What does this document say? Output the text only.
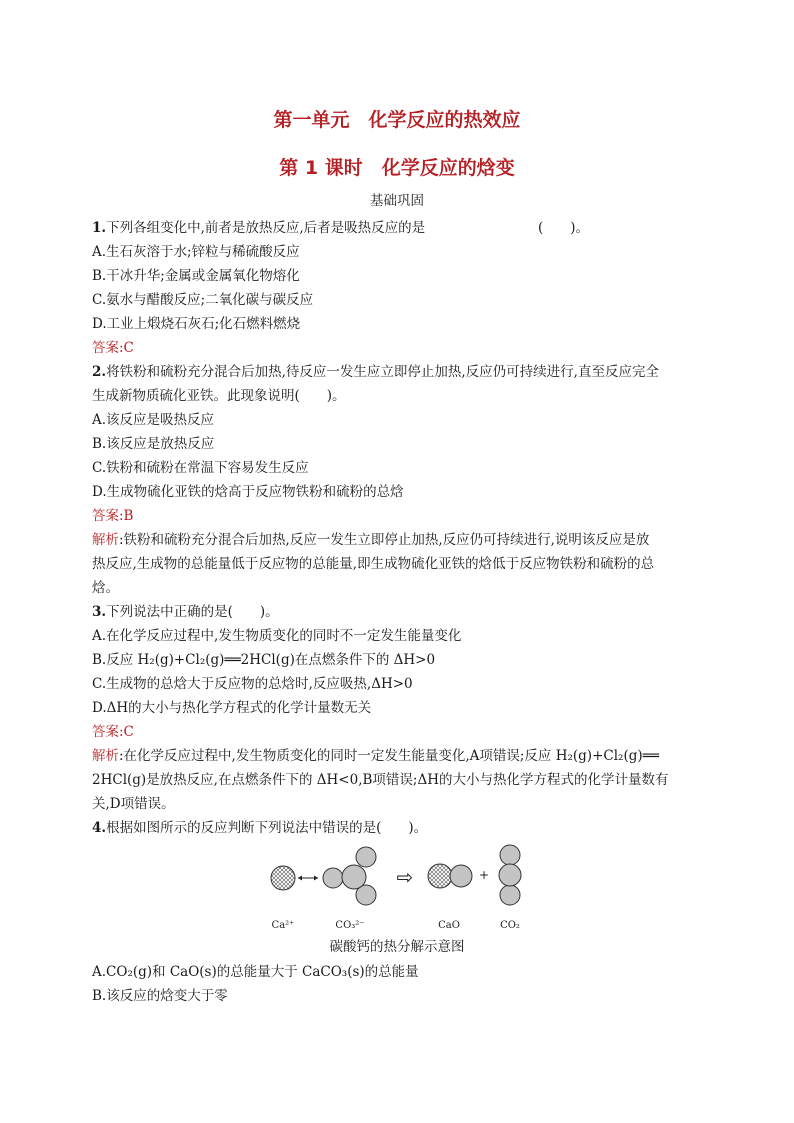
第一单元　化学反应的热效应
第 1 课时　化学反应的焓变
基础巩固
1.下列各组变化中,前者是放热反应,后者是吸热反应的是	(　　)。
A.生石灰溶于水;锌粒与稀硫酸反应
B.干冰升华;金属或金属氧化物熔化
C.氨水与醋酸反应;二氧化碳与碳反应
D.工业上煅烧石灰石;化石燃料燃烧
答案:C
2.将铁粉和硫粉充分混合后加热,待反应一发生应立即停止加热,反应仍可持续进行,直至反应完全
生成新物质硫化亚铁。此现象说明(　　)。
A.该反应是吸热反应
B.该反应是放热反应
C.铁粉和硫粉在常温下容易发生反应
D.生成物硫化亚铁的焓高于反应物铁粉和硫粉的总焓
答案:B
解析:铁粉和硫粉充分混合后加热,反应一发生立即停止加热,反应仍可持续进行,说明该反应是放
热反应,生成物的总能量低于反应物的总能量,即生成物硫化亚铁的焓低于反应物铁粉和硫粉的总
焓。
3.下列说法中正确的是(　　)。
A.在化学反应过程中,发生物质变化的同时不一定发生能量变化
B.反应 H₂(g)+Cl₂(g)══2HCl(g)在点燃条件下的 ΔH>0
C.生成物的总焓大于反应物的总焓时,反应吸热,ΔH>0
D.ΔH的大小与热化学方程式的化学计量数无关
答案:C
解析:在化学反应过程中,发生物质变化的同时一定发生能量变化,A项错误;反应 H₂(g)+Cl₂(g)══
2HCl(g)是放热反应,在点燃条件下的 ΔH<0,B项错误;ΔH的大小与热化学方程式的化学计量数有
关,D项错误。
4.根据如图所示的反应判断下列说法中错误的是(　　)。
⇨	+
Ca²⁺	CO₃²⁻	CaO	CO₂
碳酸钙的热分解示意图
A.CO₂(g)和 CaO(s)的总能量大于 CaCO₃(s)的总能量
B.该反应的焓变大于零
